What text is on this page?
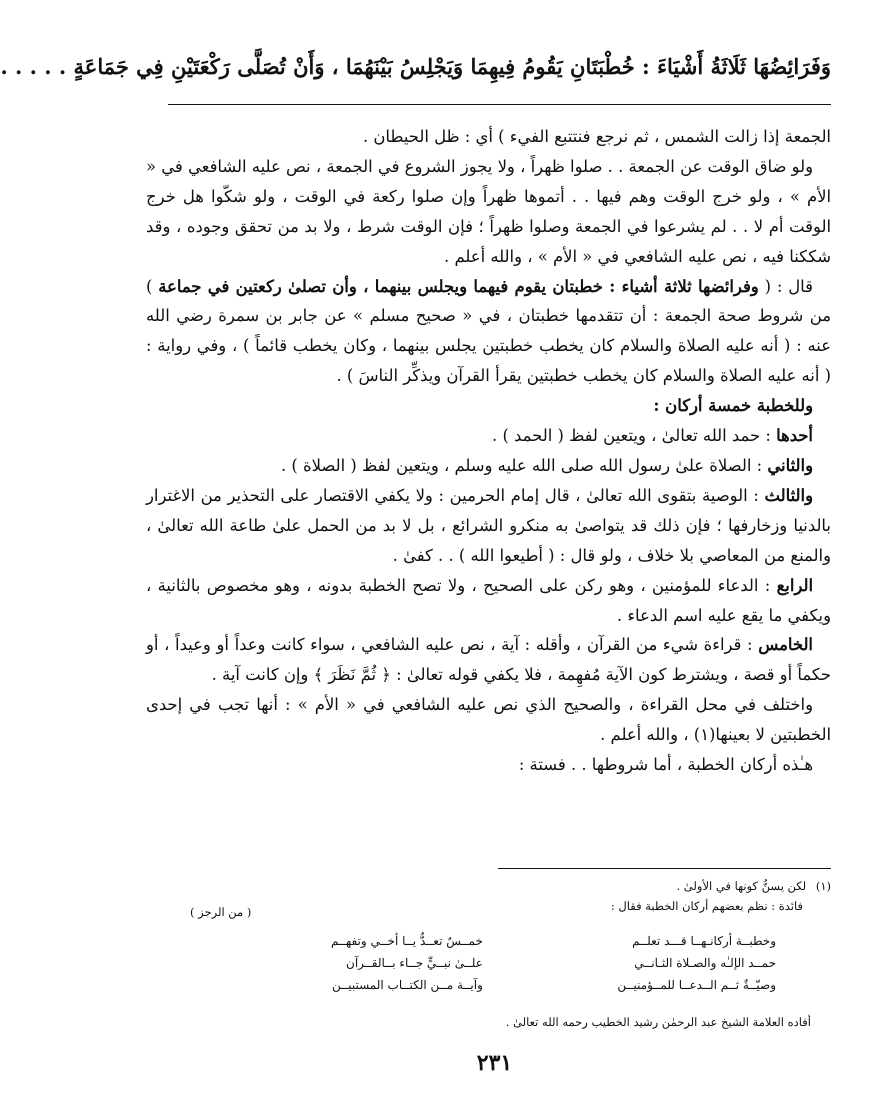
وَفَرَائِضُهَا ثَلَاثَةُ أَشْيَاءَ : خُطْبَتَانِ يَقُومُ فِيهِمَا وَيَجْلِسُ بَيْنَهُمَا ، وَأَنْ تُصَلَّى رَكْعَتَيْنِ فِي جَمَاعَةٍ . . . . .

الجمعة إذا زالت الشمس ، ثم نرجع فنتتبع الفيء ) أي : ظل الحيطان .

ولو ضاق الوقت عن الجمعة . . صلوا ظهراً ، ولا يجوز الشروع في الجمعة ، نص عليه الشافعي في « الأم » ، ولو خرج الوقت وهم فيها . . أتموها ظهراً وإن صلوا ركعة في الوقت ، ولو شكّوا هل خرج الوقت أم لا . . لم يشرعوا في الجمعة وصلوا ظهراً ؛ فإن الوقت شرط ، ولا بد من تحقق وجوده ، وقد شككنا فيه ، نص عليه الشافعي في « الأم » ، والله أعلم .

قال : ( وفرائضها ثلاثة أشياء : خطبتان يقوم فيهما ويجلس بينهما ، وأن تصلىٰ ركعتين في جماعة ) من شروط صحة الجمعة : أن تتقدمها خطبتان ، في « صحيح مسلم » عن جابر بن سمرة رضي الله عنه : ( أنه عليه الصلاة والسلام كان يخطب خطبتين يجلس بينهما ، وكان يخطب قائماً ) ، وفي رواية : ( أنه عليه الصلاة والسلام كان يخطب خطبتين يقرأ القرآن ويذكِّر الناسَ ) .

وللخطبة خمسة أركان :

أحدها : حمد الله تعالىٰ ، ويتعين لفظ ( الحمد ) .

والثاني : الصلاة علىٰ رسول الله صلى الله عليه وسلم ، ويتعين لفظ ( الصلاة ) .

والثالث : الوصية بتقوى الله تعالىٰ ، قال إمام الحرمين : ولا يكفي الاقتصار على التحذير من الاغترار بالدنيا وزخارفها ؛ فإن ذلك قد يتواصىٰ به منكرو الشرائع ، بل لا بد من الحمل علىٰ طاعة الله تعالىٰ ، والمنع من المعاصي بلا خلاف ، ولو قال : ( أطيعوا الله ) . . كفىٰ .

الرابع : الدعاء للمؤمنين ، وهو ركن على الصحيح ، ولا تصح الخطبة بدونه ، وهو مخصوص بالثانية ، ويكفي ما يقع عليه اسم الدعاء .

الخامس : قراءة شيء من القرآن ، وأقله : آية ، نص عليه الشافعي ، سواء كانت وعداً أو وعيداً ، أو حكماً أو قصة ، ويشترط كون الآية مُفهِمة ، فلا يكفي قوله تعالىٰ : ﴿ ثُمَّ نَظَرَ ﴾ وإن كانت آية .

واختلف في محل القراءة ، والصحيح الذي نص عليه الشافعي في « الأم » : أنها تجب في إحدى الخطبتين لا بعينها(١) ، والله أعلم .

هـٰذه أركان الخطبة ، أما شروطها . . فستة :

(١) لكن يسنُّ كونها في الأولىٰ .

فائدة : نظم بعضهم أركان الخطبة فقال :

( من الرجز )
وخطبــة أركانـهــا قـــد تعلــم
خمــسٌ تعــدُّ يــا أخــي وتفهــم
حمــد الإلـٰه والصـلاة الثـانــي
علــىٰ نبــيٍّ جــاء بــالقــرآن
وصيّــةٌ ثــم الــدعــا للمــؤمنيــن
وآيــة مــن الكتــاب المستبيــن
أفاده العلامة الشيخ عبد الرحمٰن رشيد الخطيب رحمه الله تعالىٰ .
٢٣١
